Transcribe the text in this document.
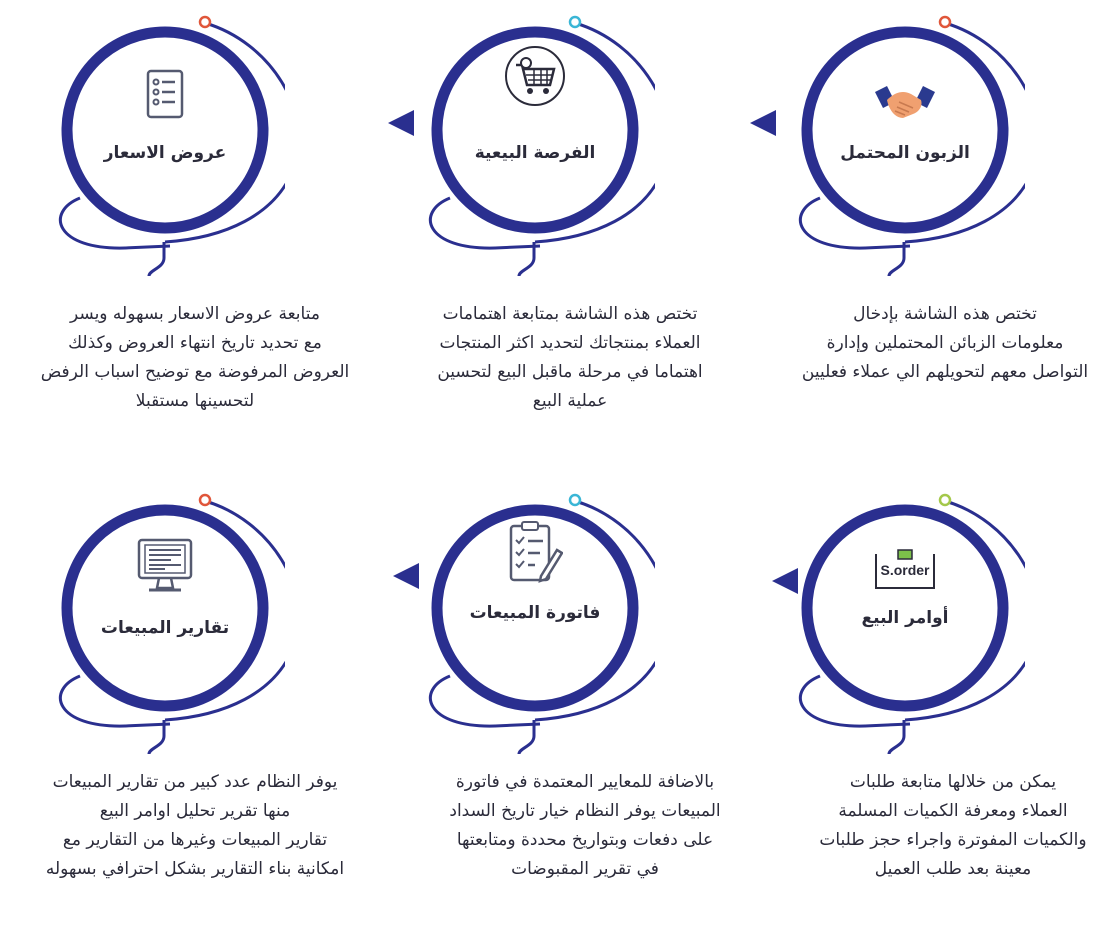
الزبون المحتمل
الفرصة البيعية
عروض الاسعار

تختص هذه الشاشة بإدخال
معلومات الزبائن المحتملين وإدارة
التواصل معهم لتحويلهم الي عملاء فعليين

تختص هذه الشاشة بمتابعة اهتمامات
العملاء بمنتجاتك لتحديد اكثر المنتجات
اهتماما في مرحلة ماقبل البيع لتحسين
عملية البيع

متابعة عروض الاسعار بسهوله ويسر
مع تحديد تاريخ انتهاء العروض وكذلك
العروض المرفوضة مع توضيح اسباب الرفض
لتحسينها مستقبلا

S.order
أوامر البيع
فاتورة المبيعات
تقارير المبيعات

يمكن من خلالها متابعة طلبات
العملاء ومعرفة الكميات المسلمة
والكميات المفوترة واجراء حجز طلبات
معينة بعد طلب العميل

بالاضافة للمعايير المعتمدة في فاتورة
المبيعات يوفر النظام خيار تاريخ السداد
على دفعات وبتواريخ محددة ومتابعتها
في تقرير المقبوضات

يوفر النظام عدد كبير من تقارير المبيعات
منها تقرير تحليل اوامر البيع
تقارير المبيعات وغيرها من التقارير مع
امكانية بناء التقارير بشكل احترافي بسهوله
